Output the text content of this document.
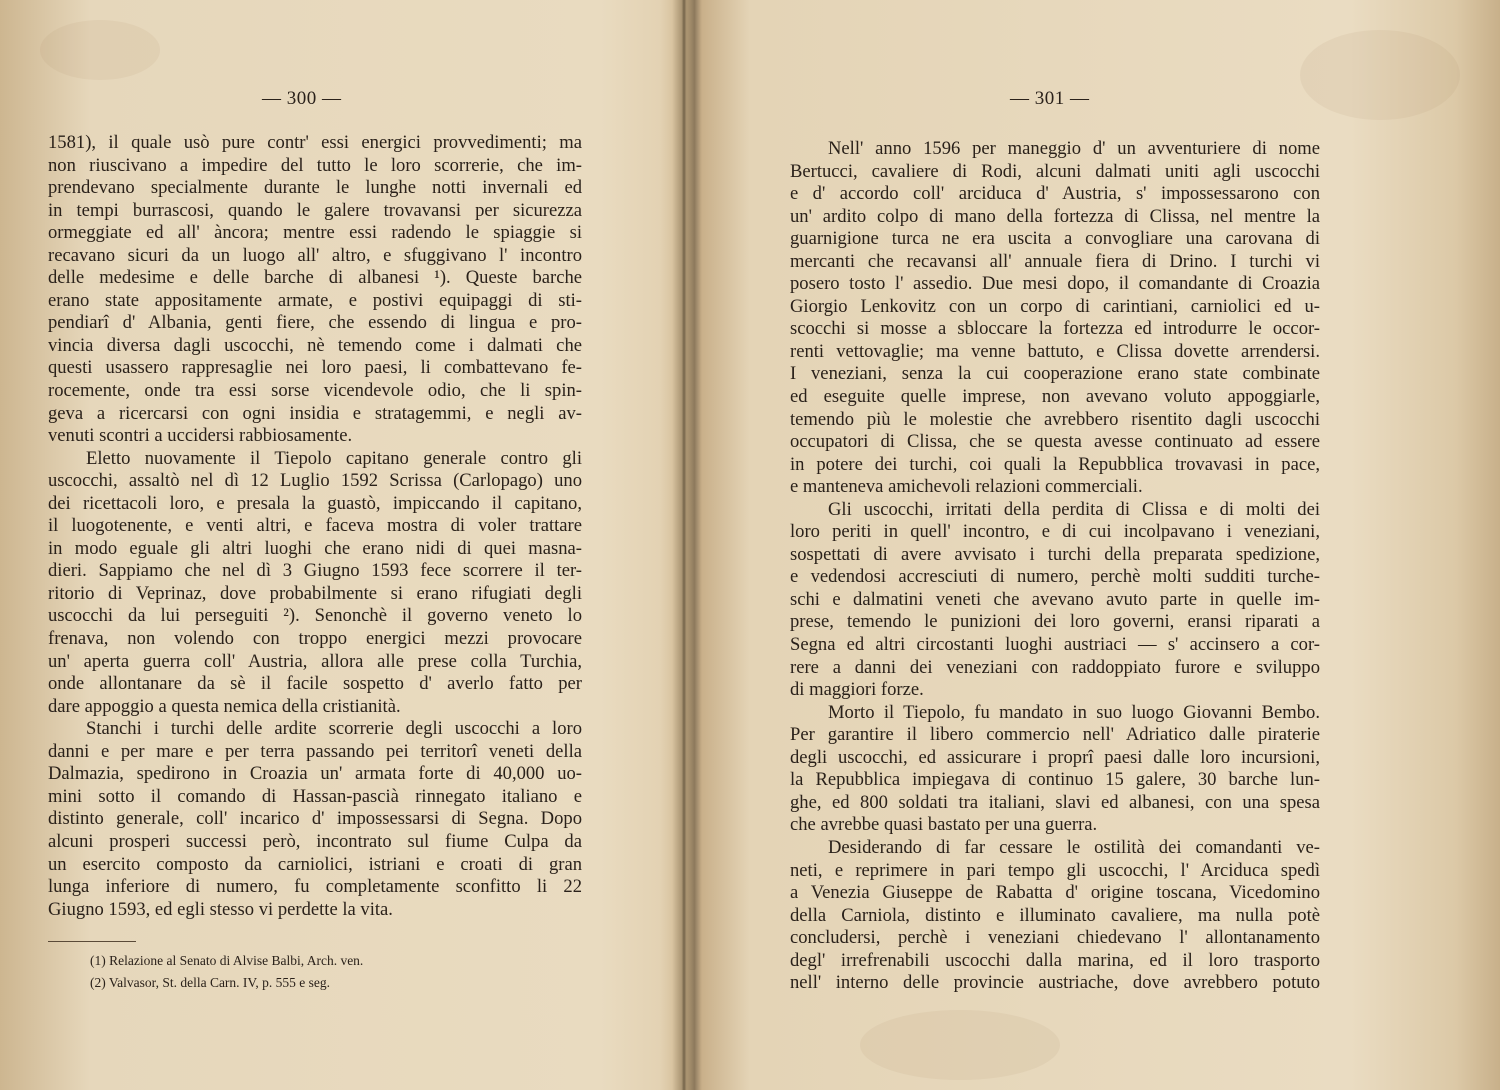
— 300 —
1581), il quale usò pure contr' essi energici provvedimenti; ma
non riuscivano a impedire del tutto le loro scorrerie, che im-
prendevano specialmente durante le lunghe notti invernali ed
in tempi burrascosi, quando le galere trovavansi per sicurezza
ormeggiate ed all' àncora; mentre essi radendo le spiaggie si
recavano sicuri da un luogo all' altro, e sfuggivano l' incontro
delle medesime e delle barche di albanesi ¹). Queste barche
erano state appositamente armate, e postivi equipaggi di sti-
pendiarî d' Albania, genti fiere, che essendo di lingua e pro-
vincia diversa dagli uscocchi, nè temendo come i dalmati che
questi usassero rappresaglie nei loro paesi, li combattevano fe-
rocemente, onde tra essi sorse vicendevole odio, che li spin-
geva a ricercarsi con ogni insidia e stratagemmi, e negli av-
venuti scontri a uccidersi rabbiosamente.
Eletto nuovamente il Tiepolo capitano generale contro gli
uscocchi, assaltò nel dì 12 Luglio 1592 Scrissa (Carlopago) uno
dei ricettacoli loro, e presala la guastò, impiccando il capitano,
il luogotenente, e venti altri, e faceva mostra di voler trattare
in modo eguale gli altri luoghi che erano nidi di quei masna-
dieri. Sappiamo che nel dì 3 Giugno 1593 fece scorrere il ter-
ritorio di Veprinaz, dove probabilmente si erano rifugiati degli
uscocchi da lui perseguiti ²). Senonchè il governo veneto lo
frenava, non volendo con troppo energici mezzi provocare
un' aperta guerra coll' Austria, allora alle prese colla Turchia,
onde allontanare da sè il facile sospetto d' averlo fatto per
dare appoggio a questa nemica della cristianità.
Stanchi i turchi delle ardite scorrerie degli uscocchi a loro
danni e per mare e per terra passando pei territorî veneti della
Dalmazia, spedirono in Croazia un' armata forte di 40,000 uo-
mini sotto il comando di Hassan-pascià rinnegato italiano e
distinto generale, coll' incarico d' impossessarsi di Segna. Dopo
alcuni prosperi successi però, incontrato sul fiume Culpa da
un esercito composto da carniolici, istriani e croati di gran
lunga inferiore di numero, fu completamente sconfitto li 22
Giugno 1593, ed egli stesso vi perdette la vita.
(1) Relazione al Senato di Alvise Balbi, Arch. ven.
(2) Valvasor, St. della Carn. IV, p. 555 e seg.
— 301 —
Nell' anno 1596 per maneggio d' un avventuriere di nome
Bertucci, cavaliere di Rodi, alcuni dalmati uniti agli uscocchi
e d' accordo coll' arciduca d' Austria, s' impossessarono con
un' ardito colpo di mano della fortezza di Clissa, nel mentre la
guarnigione turca ne era uscita a convogliare una carovana di
mercanti che recavansi all' annuale fiera di Drino. I turchi vi
posero tosto l' assedio. Due mesi dopo, il comandante di Croazia
Giorgio Lenkovitz con un corpo di carintiani, carniolici ed u-
scocchi si mosse a sbloccare la fortezza ed introdurre le occor-
renti vettovaglie; ma venne battuto, e Clissa dovette arrendersi.
I veneziani, senza la cui cooperazione erano state combinate
ed eseguite quelle imprese, non avevano voluto appoggiarle,
temendo più le molestie che avrebbero risentito dagli uscocchi
occupatori di Clissa, che se questa avesse continuato ad essere
in potere dei turchi, coi quali la Repubblica trovavasi in pace,
e manteneva amichevoli relazioni commerciali.
Gli uscocchi, irritati della perdita di Clissa e di molti dei
loro periti in quell' incontro, e di cui incolpavano i veneziani,
sospettati di avere avvisato i turchi della preparata spedizione,
e vedendosi accresciuti di numero, perchè molti sudditi turche-
schi e dalmatini veneti che avevano avuto parte in quelle im-
prese, temendo le punizioni dei loro governi, eransi riparati a
Segna ed altri circostanti luoghi austriaci — s' accinsero a cor-
rere a danni dei veneziani con raddoppiato furore e sviluppo
di maggiori forze.
Morto il Tiepolo, fu mandato in suo luogo Giovanni Bembo.
Per garantire il libero commercio nell' Adriatico dalle piraterie
degli uscocchi, ed assicurare i proprî paesi dalle loro incursioni,
la Repubblica impiegava di continuo 15 galere, 30 barche lun-
ghe, ed 800 soldati tra italiani, slavi ed albanesi, con una spesa
che avrebbe quasi bastato per una guerra.
Desiderando di far cessare le ostilità dei comandanti ve-
neti, e reprimere in pari tempo gli uscocchi, l' Arciduca spedì
a Venezia Giuseppe de Rabatta d' origine toscana, Vicedomino
della Carniola, distinto e illuminato cavaliere, ma nulla potè
concludersi, perchè i veneziani chiedevano l' allontanamento
degl' irrefrenabili uscocchi dalla marina, ed il loro trasporto
nell' interno delle provincie austriache, dove avrebbero potuto
